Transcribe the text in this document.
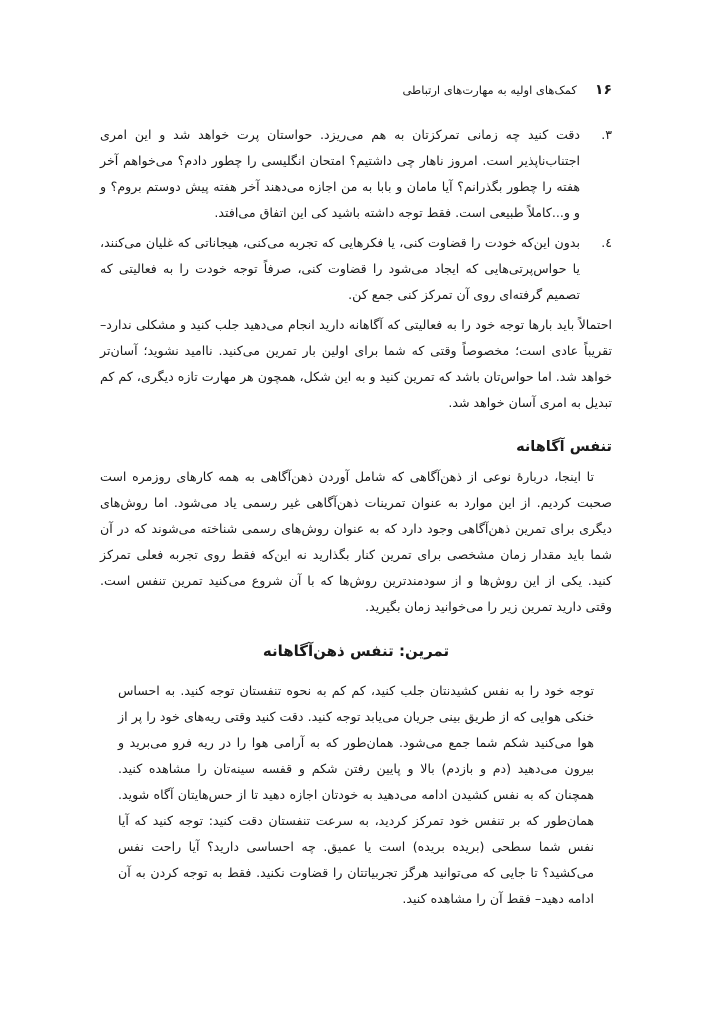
۱۶
کمک‌های اولیه به مهارت‌های ارتباطی
۳.
دقت کنید چه زمانی تمرکزتان به هم می‌ریزد. حواستان پرت خواهد شد و این امری اجتناب‌ناپذیر است. امروز ناهار چی داشتیم؟ امتحان انگلیسی را چطور دادم؟ می‌خواهم آخر هفته را چطور بگذرانم؟ آیا مامان و بابا به من اجازه می‌دهند آخر هفته پیش دوستم بروم؟ و و و...کاملاً طبیعی است. فقط توجه داشته باشید کی این اتفاق می‌افتد.
٤.
بدون این‌که خودت را قضاوت کنی، یا فکرهایی که تجربه می‌کنی، هیجاناتی که غلیان می‌کنند، یا حواس‌پرتی‌هایی که ایجاد می‌شود را قضاوت کنی، صرفاً توجه خودت را به فعالیتی که تصمیم گرفته‌ای روی آن تمرکز کنی جمع کن.

احتمالاً باید بارها توجه خود را به فعالیتی که آگاهانه دارید انجام می‌دهید جلب کنید و مشکلی ندارد– تقریباً عادی است؛ مخصوصاً وقتی که شما برای اولین بار تمرین می‌کنید. ناامید نشوید؛ آسان‌تر خواهد شد. اما حواس‌تان باشد که تمرین کنید و به این شکل، همچون هر مهارت تازه دیگری، کم کم تبدیل به امری آسان خواهد شد.

تنفس آگاهانه

تا اینجا، دربارهٔ نوعی از ذهن‌آگاهی که شامل آوردن ذهن‌آگاهی به همه کارهای روزمره است صحبت کردیم. از این موارد به عنوان تمرینات ذهن‌آگاهی غیر رسمی یاد می‌شود. اما روش‌های دیگری برای تمرین ذهن‌آگاهی وجود دارد که به عنوان روش‌های رسمی شناخته می‌شوند که در آن شما باید مقدار زمان مشخصی برای تمرین کنار بگذارید نه این‌که فقط روی تجربه فعلی تمرکز کنید. یکی از این روش‌ها و از سودمندترین روش‌ها که با آن شروع می‌کنید تمرین تنفس است. وقتی دارید تمرین زیر را می‌خوانید زمان بگیرید.

تمرین: تنفس ذهن‌آگاهانه

توجه خود را به نفس کشیدنتان جلب کنید، کم کم به نحوه تنفستان توجه کنید. به احساس خنکی هوایی که از طریق بینی جریان می‌یابد توجه کنید. دقت کنید وقتی ریه‌های خود را پر از هوا می‌کنید شکم شما جمع می‌شود. همان‌طور که به آرامی هوا را در ریه فرو می‌برید و بیرون می‌دهید (دم و بازدم) بالا و پایین رفتن شکم و قفسه سینه‌تان را مشاهده کنید. همچنان که به نفس کشیدن ادامه می‌دهید به خودتان اجازه دهید تا از حس‌هایتان آگاه شوید. همان‌طور که بر تنفس خود تمرکز کردید، به سرعت تنفستان دقت کنید: توجه کنید که آیا نفس شما سطحی (بریده بریده) است یا عمیق. چه احساسی دارید؟ آیا راحت نفس می‌کشید؟ تا جایی که می‌توانید هرگز تجربیاتتان را قضاوت نکنید. فقط به توجه کردن به آن ادامه دهید– فقط آن را مشاهده کنید.
